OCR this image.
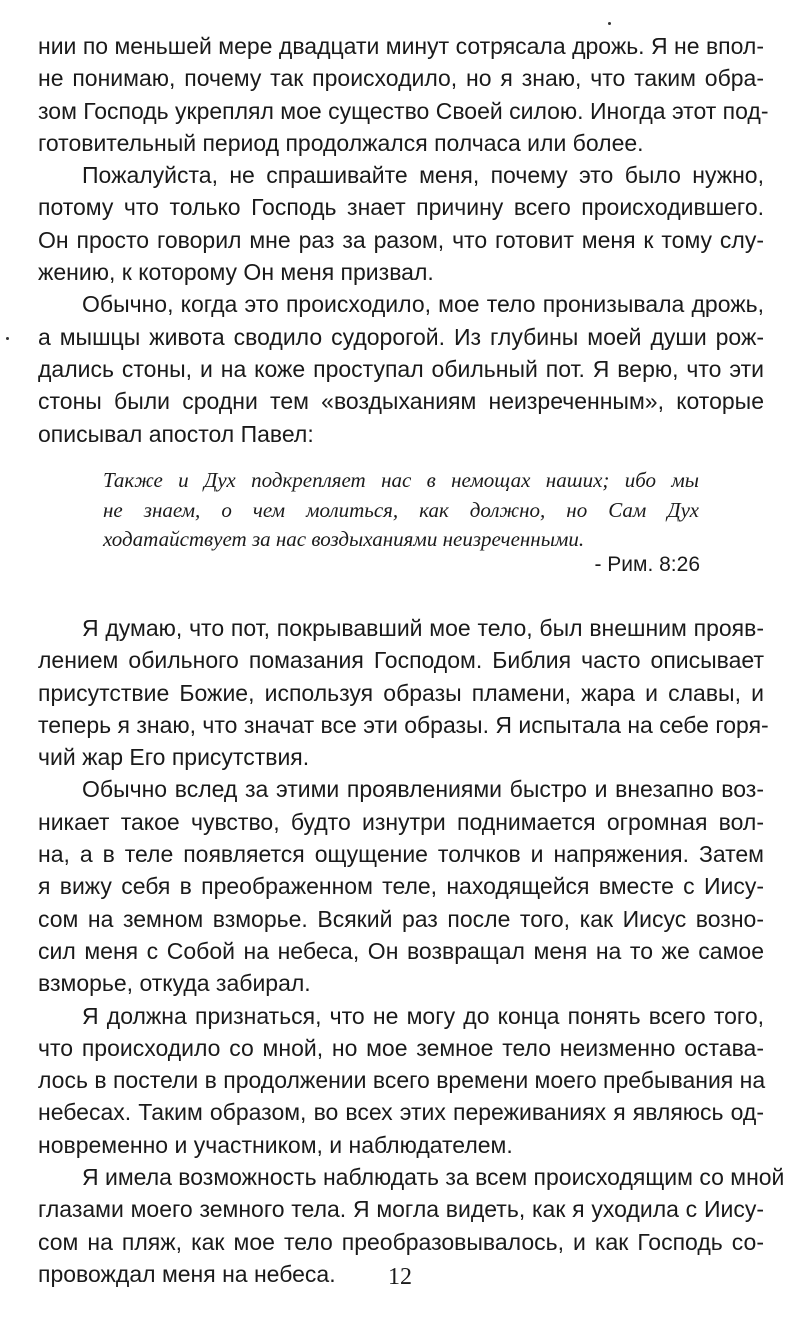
нии по меньшей мере двадцати минут сотрясала дрожь. Я не впол-
не понимаю, почему так происходило, но я знаю, что таким обра-
зом Господь укреплял мое существо Своей силою. Иногда этот под-
готовительный период продолжался полчаса или более.
Пожалуйста, не спрашивайте меня, почему это было нужно,
потому что только Господь знает причину всего происходившего.
Он просто говорил мне раз за разом, что готовит меня к тому слу-
жению, к которому Он меня призвал.
Обычно, когда это происходило, мое тело пронизывала дрожь,
а мышцы живота сводило судорогой. Из глубины моей души рож-
дались стоны, и на коже проступал обильный пот. Я верю, что эти
стоны были сродни тем «воздыханиям неизреченным», которые
описывал апостол Павел:
Также и Дух подкрепляет нас в немощах наших; ибо мы
не знаем, о чем молиться, как должно, но Сам Дух
ходатайствует за нас воздыханиями неизреченными.
- Рим. 8:26
Я думаю, что пот, покрывавший мое тело, был внешним прояв-
лением обильного помазания Господом. Библия часто описывает
присутствие Божие, используя образы пламени, жара и славы, и
теперь я знаю, что значат все эти образы. Я испытала на себе горя-
чий жар Его присутствия.
Обычно вслед за этими проявлениями быстро и внезапно воз-
никает такое чувство, будто изнутри поднимается огромная вол-
на, а в теле появляется ощущение толчков и напряжения. Затем
я вижу себя в преображенном теле, находящейся вместе с Иису-
сом на земном взморье. Всякий раз после того, как Иисус возно-
сил меня с Собой на небеса, Он возвращал меня на то же самое
взморье, откуда забирал.
Я должна признаться, что не могу до конца понять всего того,
что происходило со мной, но мое земное тело неизменно остава-
лось в постели в продолжении всего времени моего пребывания на
небесах. Таким образом, во всех этих переживаниях я являюсь од-
новременно и участником, и наблюдателем.
Я имела возможность наблюдать за всем происходящим со мной
глазами моего земного тела. Я могла видеть, как я уходила с Иису-
сом на пляж, как мое тело преобразовывалось, и как Господь со-
провождал меня на небеса.	12
